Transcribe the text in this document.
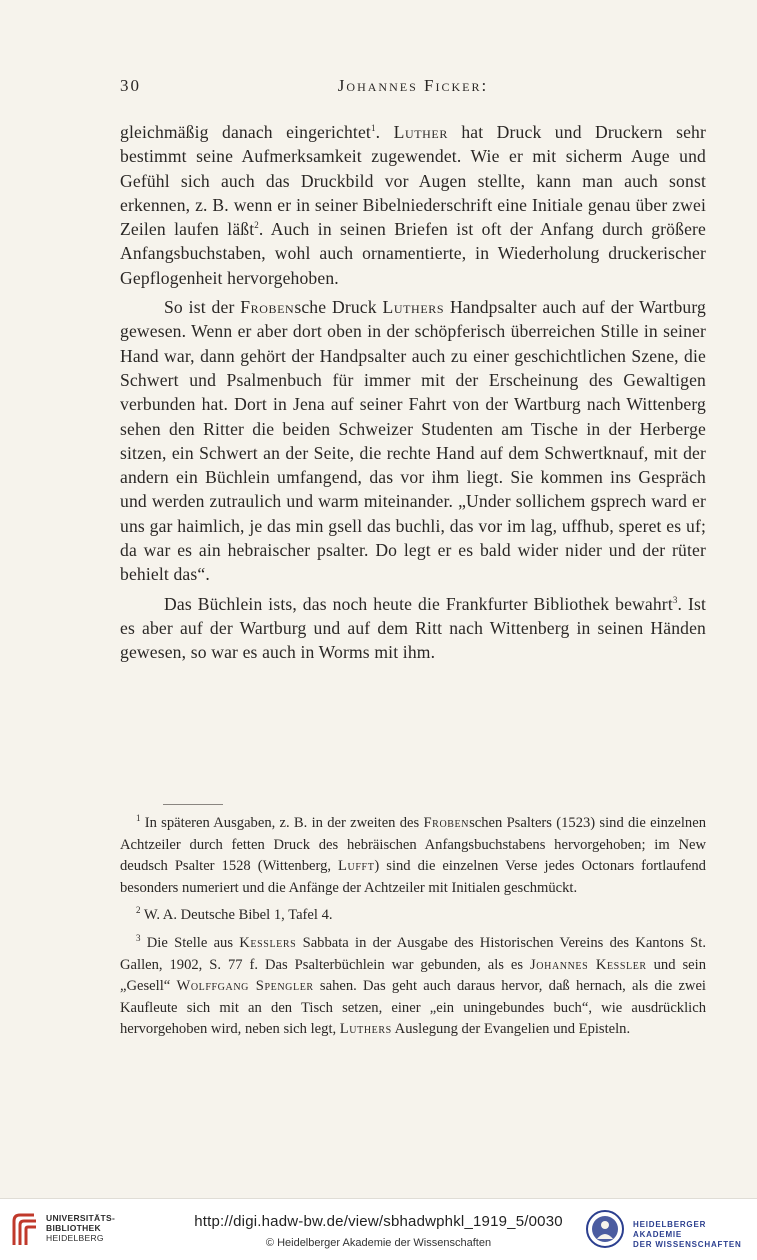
30	Johannes Ficker:

gleichmäßig danach eingerichtet$^1$. Luther hat Druck und Druckern sehr bestimmt seine Aufmerksamkeit zugewendet. Wie er mit sicherm Auge und Gefühl sich auch das Druckbild vor Augen stellte, kann man auch sonst erkennen, z. B. wenn er in seiner Bibelniederschrift eine Initiale genau über zwei Zeilen laufen läßt$^2$. Auch in seinen Briefen ist oft der Anfang durch größere Anfangsbuchstaben, wohl auch ornamentierte, in Wiederholung druckerischer Gepflogenheit hervorgehoben.

So ist der Frobensche Druck Luthers Handpsalter auch auf der Wartburg gewesen. Wenn er aber dort oben in der schöpferisch überreichen Stille in seiner Hand war, dann gehört der Handpsalter auch zu einer geschichtlichen Szene, die Schwert und Psalmenbuch für immer mit der Erscheinung des Gewaltigen verbunden hat. Dort in Jena auf seiner Fahrt von der Wartburg nach Wittenberg sehen den Ritter die beiden Schweizer Studenten am Tische in der Herberge sitzen, ein Schwert an der Seite, die rechte Hand auf dem Schwertknauf, mit der andern ein Büchlein umfangend, das vor ihm liegt. Sie kommen ins Gespräch und werden zutraulich und warm miteinander. „Under sollichem gsprech ward er uns gar haimlich, je das min gsell das buchli, das vor im lag, uffhub, speret es uf; da war es ain hebraischer psalter. Do legt er es bald wider nider und der rüter behielt das“.

Das Büchlein ists, das noch heute die Frankfurter Bibliothek bewahrt$^3$. Ist es aber auf der Wartburg und auf dem Ritt nach Wittenberg in seinen Händen gewesen, so war es auch in Worms mit ihm.

$^1$ In späteren Ausgaben, z. B. in der zweiten des Frobenschen Psalters (1523) sind die einzelnen Achtzeiler durch fetten Druck des hebräischen Anfangsbuchstabens hervorgehoben; im New deudsch Psalter 1528 (Wittenberg, Lufft) sind die einzelnen Verse jedes Octonars fortlaufend besonders numeriert und die Anfänge der Achtzeiler mit Initialen geschmückt.

$^2$ W. A. Deutsche Bibel 1, Tafel 4.

$^3$ Die Stelle aus Kesslers Sabbata in der Ausgabe des Historischen Vereins des Kantons St. Gallen, 1902, S. 77 f. Das Psalterbüchlein war gebunden, als es Johannes Kessler und sein „Gesell“ Wolffgang Spengler sahen. Das geht auch daraus hervor, daß hernach, als die zwei Kaufleute sich mit an den Tisch setzen, einer „ein uningebundes buch“, wie ausdrücklich hervorgehoben wird, neben sich legt, Luthers Auslegung der Evangelien und Episteln.

UNIVERSITÄTS-
BIBLIOTHEK
HEIDELBERG
http://digi.hadw-bw.de/view/sbhadwphkl_1919_5/0030
© Heidelberger Akademie der Wissenschaften
HEIDELBERGER AKADEMIE
DER WISSENSCHAFTEN
